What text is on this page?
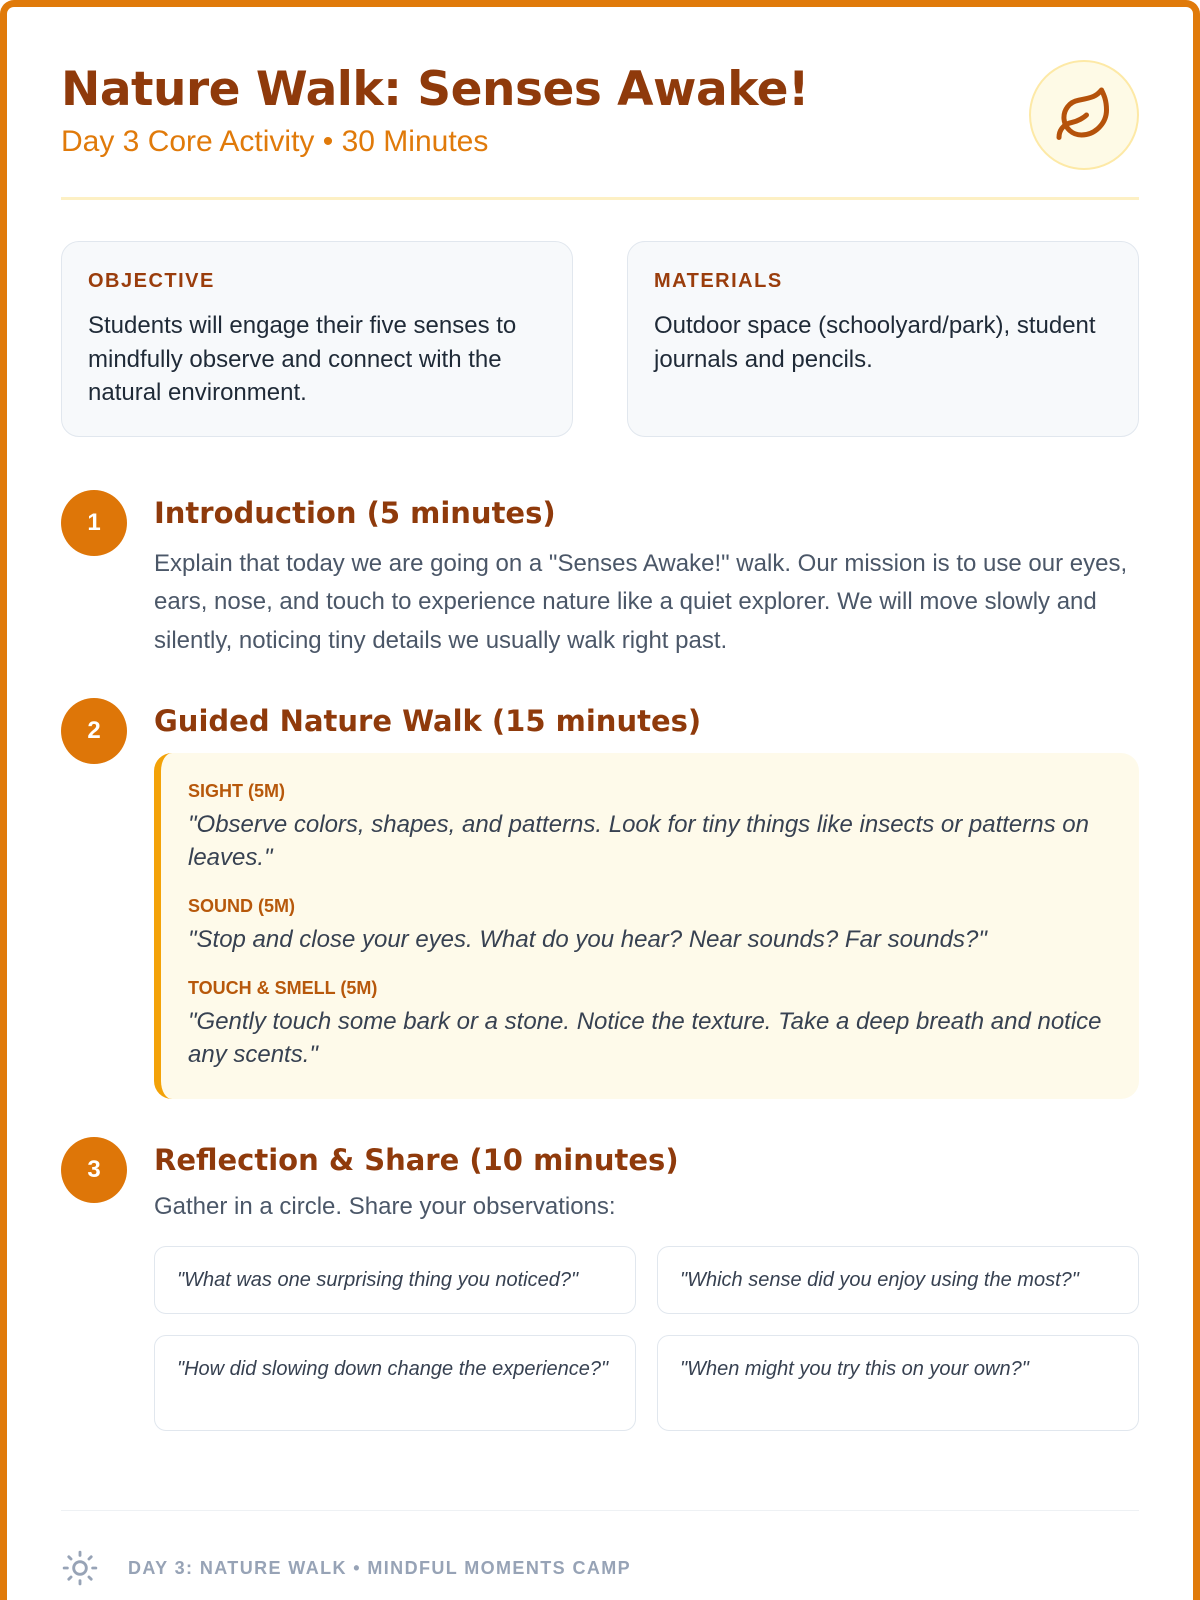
Nature Walk: Senses Awake!
Day 3 Core Activity • 30 Minutes
OBJECTIVE

Students will engage their five senses to mindfully observe and connect with the natural environment.

MATERIALS

Outdoor space (schoolyard/park), student journals and pencils.

1	Introduction (5 minutes)

Explain that today we are going on a "Senses Awake!" walk. Our mission is to use our eyes, ears, nose, and touch to experience nature like a quiet explorer. We will move slowly and silently, noticing tiny details we usually walk right past.

2	Guided Nature Walk (15 minutes)
SIGHT (5M)

"Observe colors, shapes, and patterns. Look for tiny things like insects or patterns on leaves."

SOUND (5M)

"Stop and close your eyes. What do you hear? Near sounds? Far sounds?"

TOUCH & SMELL (5M)

"Gently touch some bark or a stone. Notice the texture. Take a deep breath and notice any scents."

3	Reflection & Share (10 minutes)

Gather in a circle. Share your observations:

"What was one surprising thing you noticed?"	"Which sense did you enjoy using the most?"
"How did slowing down change the experience?"	"When might you try this on your own?"
DAY 3: NATURE WALK • MINDFUL MOMENTS CAMP
